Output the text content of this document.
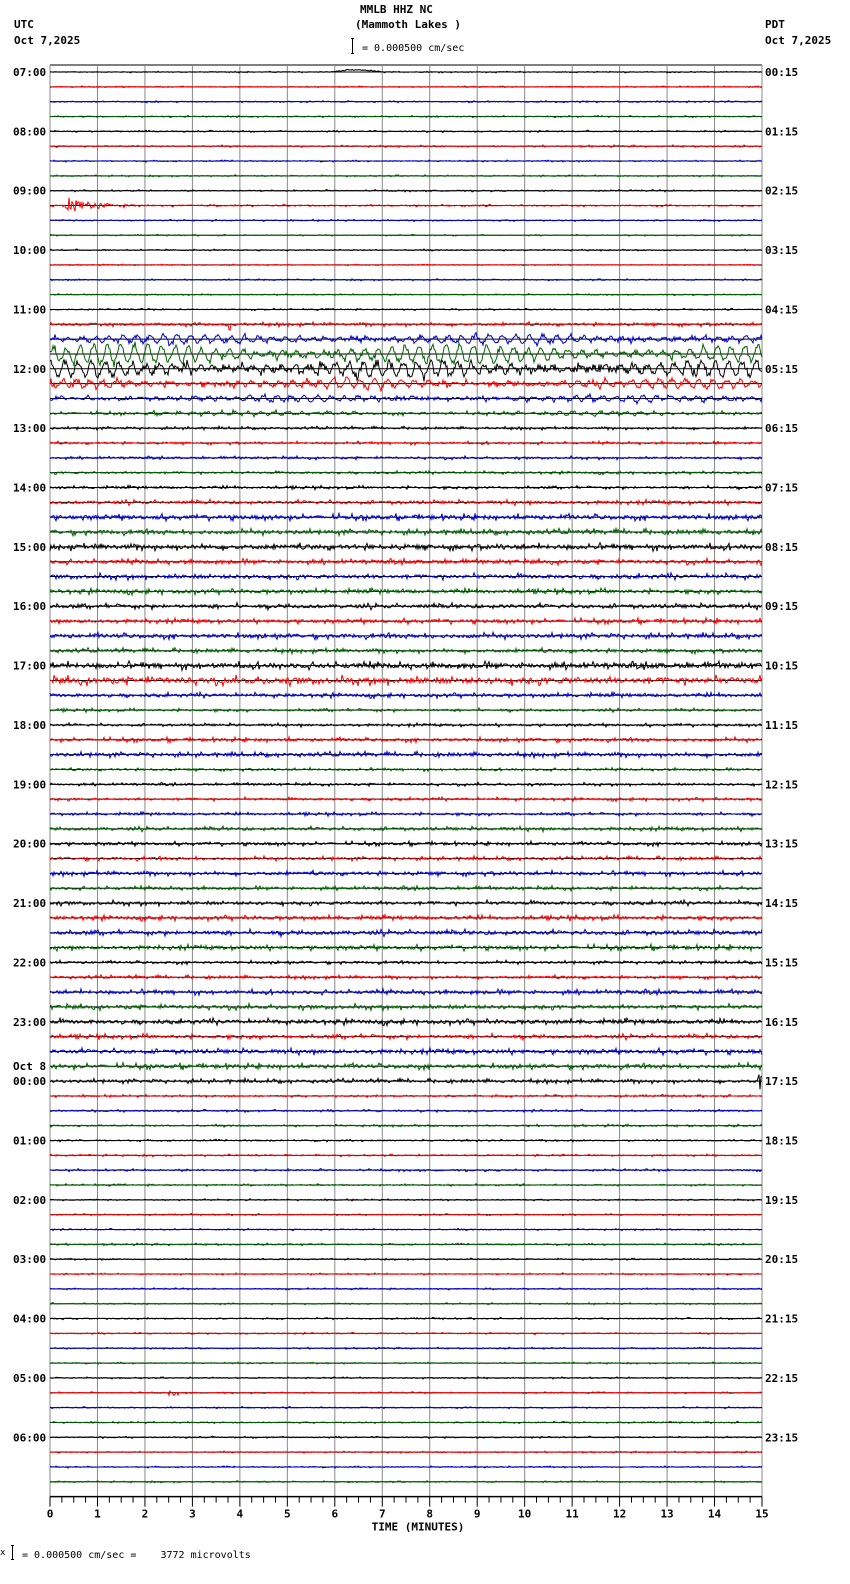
MMLB HHZ NC
(Mammoth Lakes )
UTC
Oct 7,2025
PDT
Oct 7,2025
= 0.000500 cm/sec
07:00	00:15
08:00	01:15
09:00	02:15
10:00	03:15
11:00	04:15
12:00	05:15
13:00	06:15
14:00	07:15
15:00	08:15
16:00	09:15
17:00	10:15
18:00	11:15
19:00	12:15
20:00	13:15
21:00	14:15
22:00	15:15
23:00	16:15
00:00	17:15
Oct 8
01:00	18:15
02:00	19:15
03:00	20:15
04:00	21:15
05:00	22:15
06:00	23:15
0	1	2	3	4	5	6	7	8	9	10	11	12	13	14	15
TIME (MINUTES)
x = 0.000500 cm/sec =    3772 microvolts
